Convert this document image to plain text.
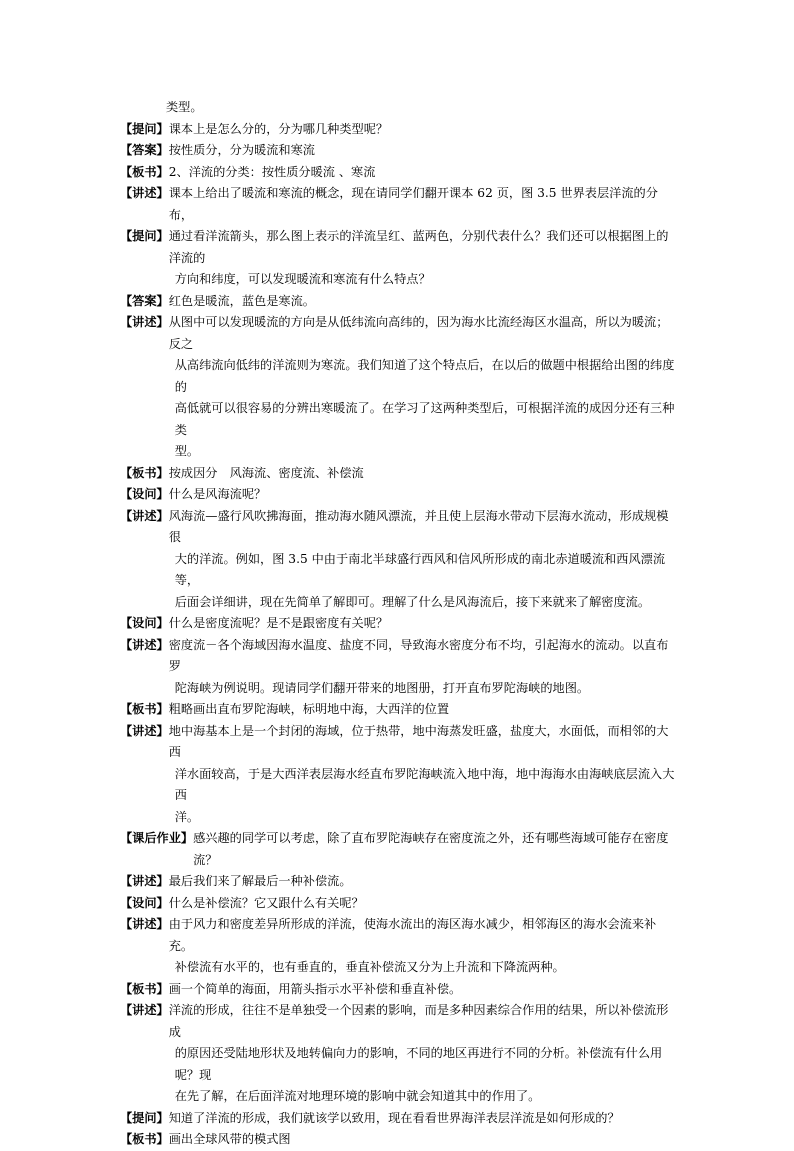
类型。

【提问】 课本上是怎么分的，分为哪几种类型呢？

【答案】 按性质分，分为暖流和寒流

【板书】 2、洋流的分类：按性质分暖流 、寒流

【讲述】 课本上给出了暖流和寒流的概念，现在请同学们翻开课本 62 页，图 3.5 世界表层洋流的分布，

【提问】 通过看洋流箭头，那么图上表示的洋流呈红、蓝两色，分别代表什么？我们还可以根据图上的洋流的

方向和纬度，可以发现暖流和寒流有什么特点？

【答案】 红色是暖流，蓝色是寒流。

【讲述】 从图中可以发现暖流的方向是从低纬流向高纬的，因为海水比流经海区水温高，所以为暖流；反之

从高纬流向低纬的洋流则为寒流。我们知道了这个特点后，在以后的做题中根据给出图的纬度的

高低就可以很容易的分辨出寒暖流了。在学习了这两种类型后，可根据洋流的成因分还有三种类

型。

【板书】 按成因分　风海流、密度流、补偿流

【设问】 什么是风海流呢？

【讲述】 风海流—盛行风吹拂海面，推动海水随风漂流，并且使上层海水带动下层海水流动，形成规模很

大的洋流。例如，图 3.5 中由于南北半球盛行西风和信风所形成的南北赤道暖流和西风漂流等，

后面会详细讲，现在先简单了解即可。理解了什么是风海流后，接下来就来了解密度流。

【设问】 什么是密度流呢？是不是跟密度有关呢？

【讲述】 密度流－各个海域因海水温度、盐度不同，导致海水密度分布不均，引起海水的流动。以直布罗

陀海峡为例说明。现请同学们翻开带来的地图册，打开直布罗陀海峡的地图。

【板书】 粗略画出直布罗陀海峡，标明地中海，大西洋的位置

【讲述】 地中海基本上是一个封闭的海域，位于热带，地中海蒸发旺盛，盐度大，水面低，而相邻的大西

洋水面较高，于是大西洋表层海水经直布罗陀海峡流入地中海，地中海海水由海峡底层流入大西

洋。

【课后作业】 感兴趣的同学可以考虑，除了直布罗陀海峡存在密度流之外，还有哪些海域可能存在密度流？

【讲述】 最后我们来了解最后一种补偿流。

【设问】 什么是补偿流？它又跟什么有关呢？

【讲述】 由于风力和密度差异所形成的洋流，使海水流出的海区海水减少，相邻海区的海水会流来补充。

补偿流有水平的，也有垂直的，垂直补偿流又分为上升流和下降流两种。

【板书】 画一个简单的海面，用箭头指示水平补偿和垂直补偿。

【讲述】 洋流的形成，往往不是单独受一个因素的影响，而是多种因素综合作用的结果，所以补偿流形成

的原因还受陆地形状及地转偏向力的影响，不同的地区再进行不同的分析。补偿流有什么用呢？现

在先了解，在后面洋流对地理环境的影响中就会知道其中的作用了。

【提问】 知道了洋流的形成，我们就该学以致用，现在看看世界海洋表层洋流是如何形成的？

【板书】 画出全球风带的模式图
